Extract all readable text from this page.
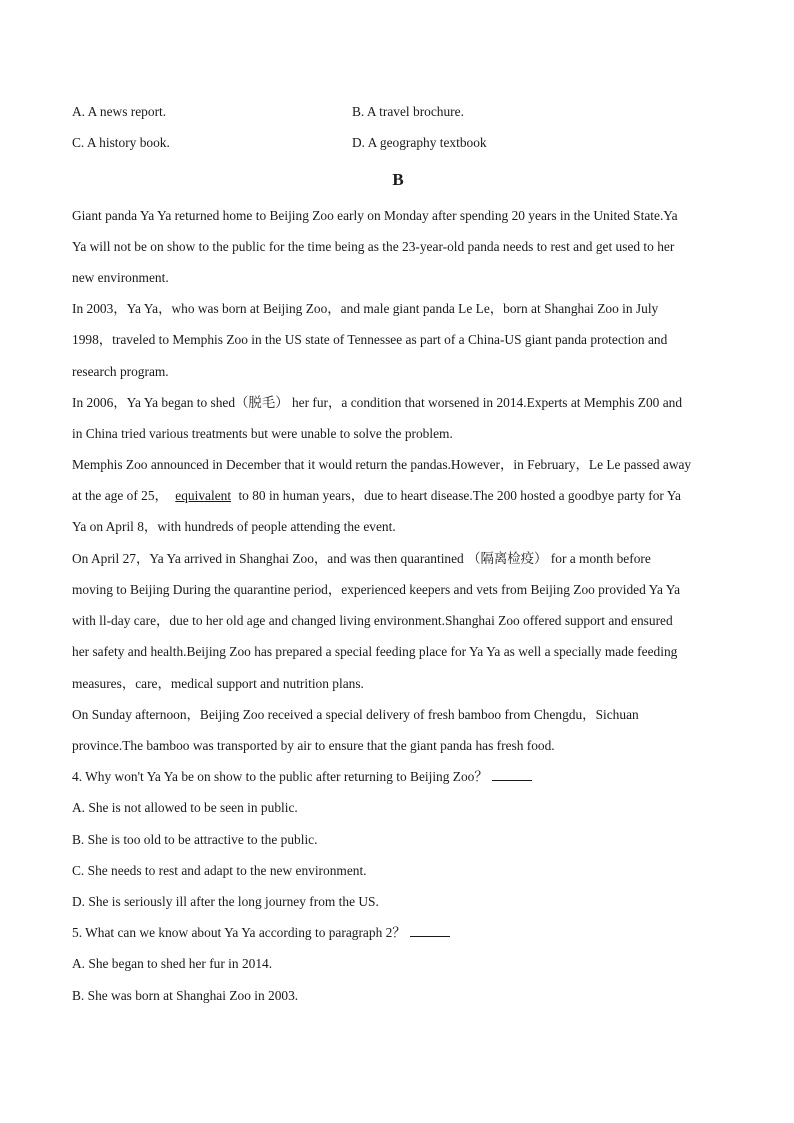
A. A news report.	B. A travel brochure.
C. A history book.	D. A geography textbook
B
Giant panda Ya Ya returned home to Beijing Zoo early on Monday after spending 20 years in the United State.Ya
Ya will not be on show to the public for the time being as the 23-year-old panda needs to rest and get used to her
new environment.
In 2003，Ya Ya，who was born at Beijing Zoo，and male giant panda Le Le，born at Shanghai Zoo in July
1998，traveled to Memphis Zoo in the US state of Tennessee as part of a China-US giant panda protection and
research program.
In 2006，Ya Ya began to shed（脱毛） her fur，a condition that worsened in 2014.Experts at Memphis Z00 and
in China tried various treatments but were unable to solve the problem.
Memphis Zoo announced in December that it would return the pandas.However，in February，Le Le passed away
at the age of 25， equivalent to 80 in human years，due to heart disease.The 200 hosted a goodbye party for Ya
Ya on April 8，with hundreds of people attending the event.
On April 27，Ya Ya arrived in Shanghai Zoo，and was then quarantined （隔离检疫） for a month before
moving to Beijing During the quarantine period，experienced keepers and vets from Beijing Zoo provided Ya Ya
with ll-day care，due to her old age and changed living environment.Shanghai Zoo offered support and ensured
her safety and health.Beijing Zoo has prepared a special feeding place for Ya Ya as well a specially made feeding
measures，care，medical support and nutrition plans.
On Sunday afternoon，Beijing Zoo received a special delivery of fresh bamboo from Chengdu，Sichuan
province.The bamboo was transported by air to ensure that the giant panda has fresh food.
4. Why won't Ya Ya be on show to the public after returning to Beijing Zoo？
A. She is not allowed to be seen in public.
B. She is too old to be attractive to the public.
C. She needs to rest and adapt to the new environment.
D. She is seriously ill after the long journey from the US.
5. What can we know about Ya Ya according to paragraph 2？
A. She began to shed her fur in 2014.
B. She was born at Shanghai Zoo in 2003.
